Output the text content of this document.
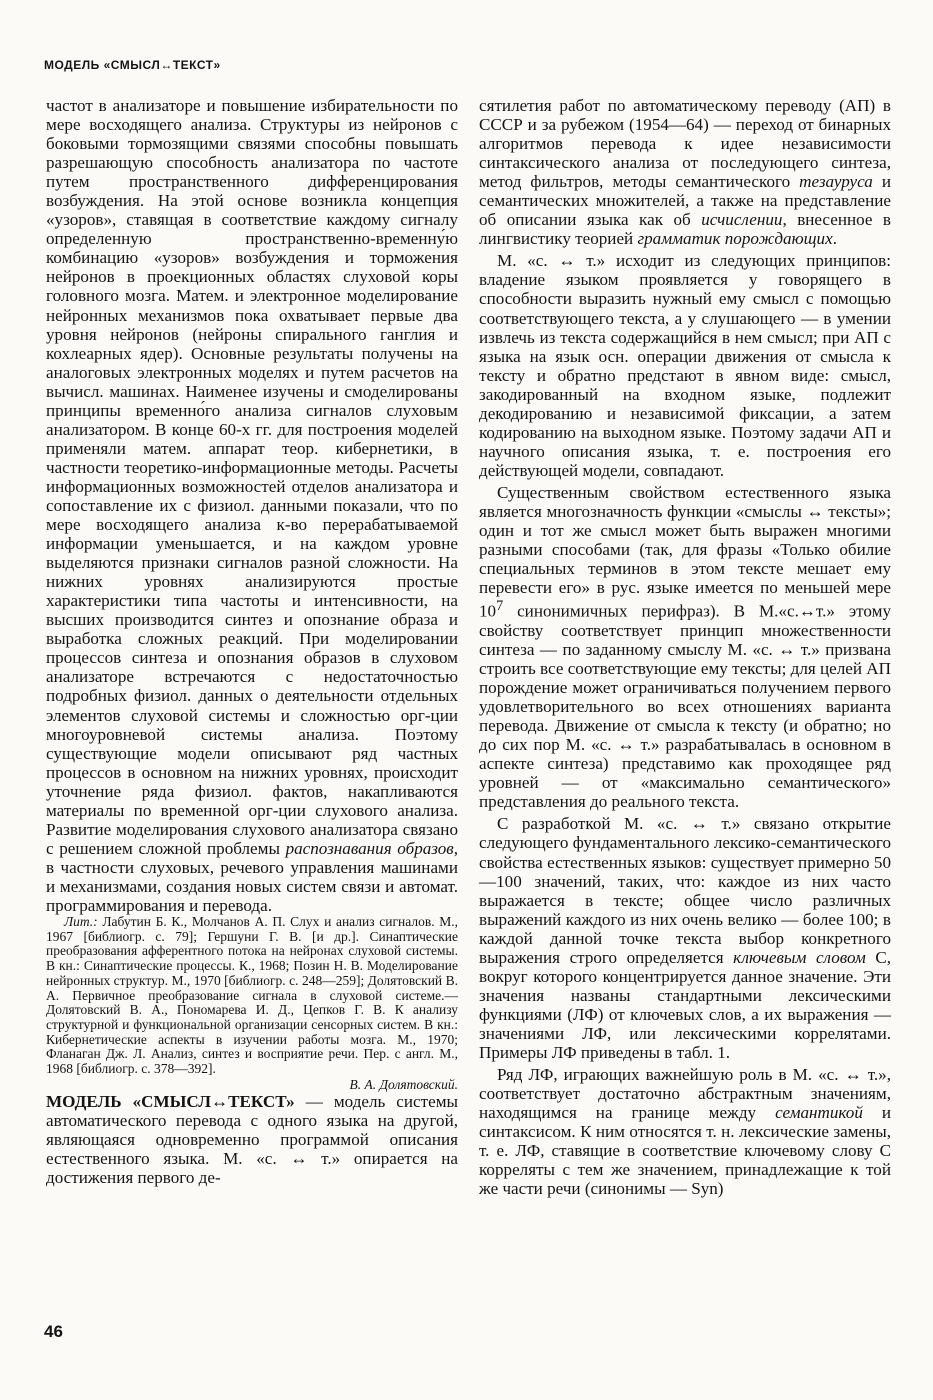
МОДЕЛЬ «СМЫСЛ↔ТЕКСТ»

частот в анализаторе и повышение избирательности по мере восходящего анализа. Структуры из нейронов с боковыми тормозящими связями способны повышать разрешающую способность анализатора по частоте путем пространственного дифференцирования возбуждения. На этой основе возникла концепция «узоров», ставящая в соответствие каждому сигналу определенную пространственно-временну́ю комбинацию «узоров» возбуждения и торможения нейронов в проекционных областях слуховой коры головного мозга. Матем. и электронное моделирование нейронных механизмов пока охватывает первые два уровня нейронов (нейроны спирального ганглия и кохлеарных ядер). Основные результаты получены на аналоговых электронных моделях и путем расчетов на вычисл. машинах. Наименее изучены и смоделированы принципы временно́го анализа сигналов слуховым анализатором. В конце 60-х гг. для построения моделей применяли матем. аппарат теор. кибернетики, в частности теоретико-информационные методы. Расчеты информационных возможностей отделов анализатора и сопоставление их с физиол. данными показали, что по мере восходящего анализа к-во перерабатываемой информации уменьшается, и на каждом уровне выделяются признаки сигналов разной сложности. На нижних уровнях анализируются простые характеристики типа частоты и интенсивности, на высших производится синтез и опознание образа и выработка сложных реакций. При моделировании процессов синтеза и опознания образов в слуховом анализаторе встречаются с недостаточностью подробных физиол. данных о деятельности отдельных элементов слуховой системы и сложностью орг-ции многоуровневой системы анализа. Поэтому существующие модели описывают ряд частных процессов в основном на нижних уровнях, происходит уточнение ряда физиол. фактов, накапливаются материалы по временной орг-ции слухового анализа. Развитие моделирования слухового анализатора связано с решением сложной проблемы распознавания образов, в частности слуховых, речевого управления машинами и механизмами, создания новых систем связи и автомат. программирования и перевода.

Лит.: Лабутин Б. К., Молчанов А. П. Слух и анализ сигналов. М., 1967 [библиогр. с. 79]; Гершуни Г. В. [и др.]. Синаптические преобразования афферентного потока на нейронах слуховой системы. В кн.: Синаптические процессы. К., 1968; Позин Н. В. Моделирование нейронных структур. М., 1970 [библиогр. с. 248—259]; Долятовский В. А. Первичное преобразование сигнала в слуховой системе.— Долятовский В. А., Пономарева И. Д., Цепков Г. В. К анализу структурной и функциональной организации сенсорных систем. В кн.: Кибернетические аспекты в изучении работы мозга. М., 1970; Фланаган Дж. Л. Анализ, синтез и восприятие речи. Пер. с англ. М., 1968 [библиогр. с. 378—392].

В. А. Долятовский.

МОДЕЛЬ «СМЫСЛ↔ТЕКСТ» — модель системы автоматического перевода с одного языка на другой, являющаяся одновременно программой описания естественного языка. М. «с. ↔ т.» опирается на достижения первого де-

сятилетия работ по автоматическому переводу (АП) в СССР и за рубежом (1954—64) — переход от бинарных алгоритмов перевода к идее независимости синтаксического анализа от последующего синтеза, метод фильтров, методы семантического тезауруса и семантических множителей, а также на представление об описании языка как об исчислении, внесенное в лингвистику теорией грамматик порождающих.

М. «с. ↔ т.» исходит из следующих принципов: владение языком проявляется у говорящего в способности выразить нужный ему смысл с помощью соответствующего текста, а у слушающего — в умении извлечь из текста содержащийся в нем смысл; при АП с языка на язык осн. операции движения от смысла к тексту и обратно предстают в явном виде: смысл, закодированный на входном языке, подлежит декодированию и независимой фиксации, а затем кодированию на выходном языке. Поэтому задачи АП и научного описания языка, т. е. построения его действующей модели, совпадают.

Существенным свойством естественного языка является многозначность функции «смыслы ↔ тексты»; один и тот же смысл может быть выражен многими разными способами (так, для фразы «Только обилие специальных терминов в этом тексте мешает ему перевести его» в рус. языке имеется по меньшей мере $10^7$ синонимичных перифраз). В М.«с.↔т.» этому свойству соответствует принцип множественности синтеза — по заданному смыслу М. «с. ↔ т.» призвана строить все соответствующие ему тексты; для целей АП порождение может ограничиваться получением первого удовлетворительного во всех отношениях варианта перевода. Движение от смысла к тексту (и обратно; но до сих пор М. «с. ↔ т.» разрабатывалась в основном в аспекте синтеза) представимо как проходящее ряд уровней — от «максимально семантического» представления до реального текста.

С разработкой М. «с. ↔ т.» связано открытие следующего фундаментального лексико-семантического свойства естественных языков: существует примерно 50—100 значений, таких, что: каждое из них часто выражается в тексте; общее число различных выражений каждого из них очень велико — более 100; в каждой данной точке текста выбор конкретного выражения строго определяется ключевым словом С, вокруг которого концентрируется данное значение. Эти значения названы стандартными лексическими функциями (ЛФ) от ключевых слов, а их выражения — значениями ЛФ, или лексическими коррелятами. Примеры ЛФ приведены в табл. 1.

Ряд ЛФ, играющих важнейшую роль в М. «с. ↔ т.», соответствует достаточно абстрактным значениям, находящимся на границе между семантикой и синтаксисом. К ним относятся т. н. лексические замены, т. е. ЛФ, ставящие в соответствие ключевому слову С корреляты с тем же значением, принадлежащие к той же части речи (синонимы — Syn)

46
